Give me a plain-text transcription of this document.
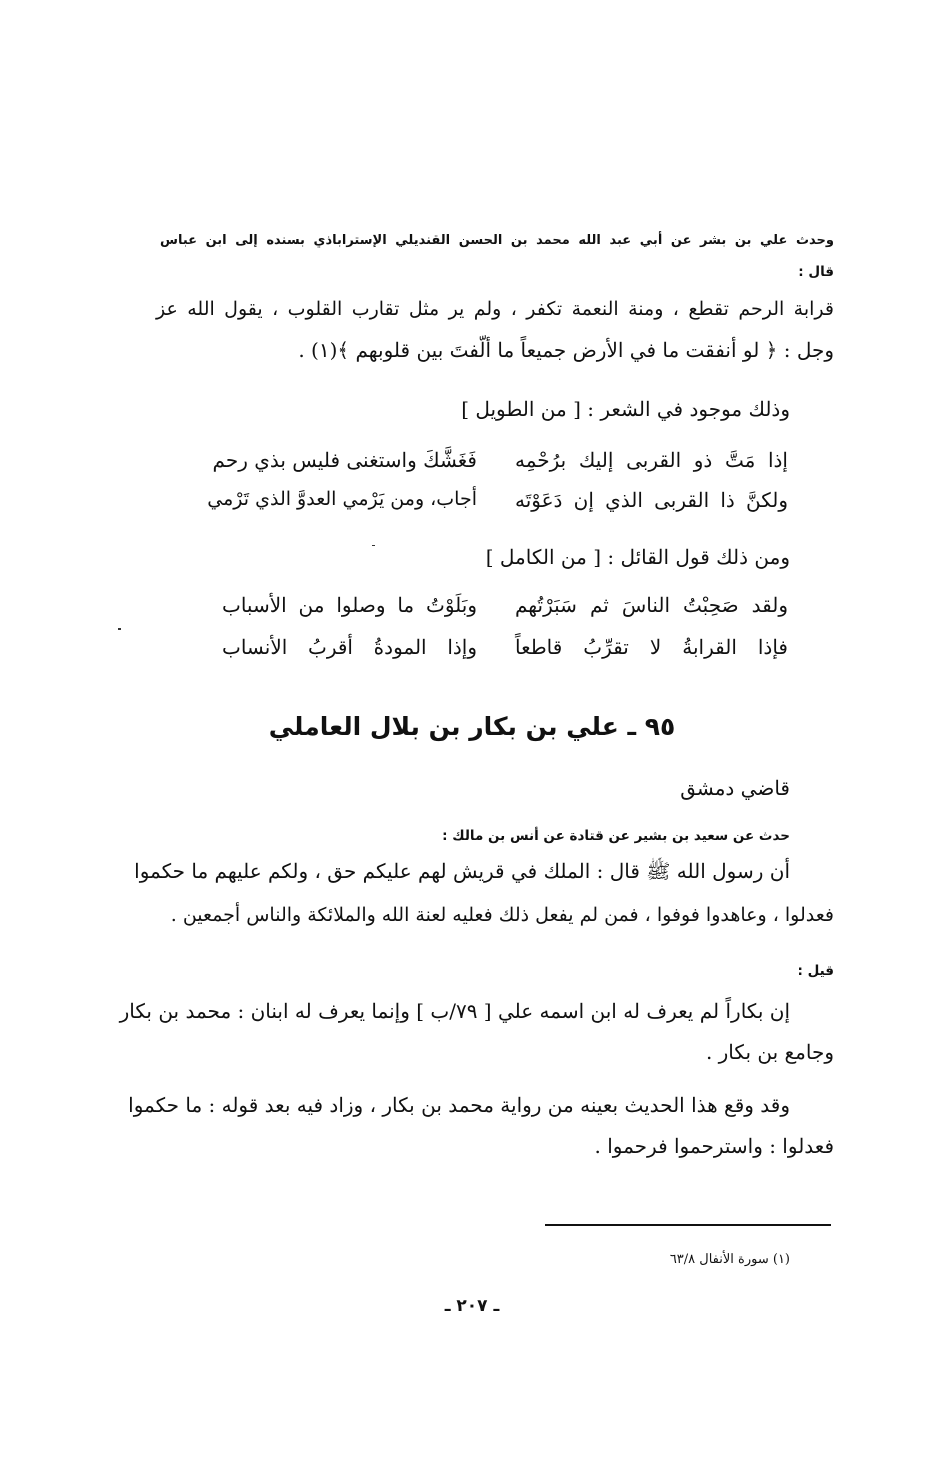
وحدث علي بن بشر عن أبي عبد الله محمد بن الحسن القنديلي الإستراباذي بسنده إلى ابن عباس
قال :
قرابة الرحم تقطع ، ومنة النعمة تكفر ، ولم ير مثل تقارب القلوب ، يقول الله عز
وجل : ﴿ لو أنفقت ما في الأرض جميعاً ما ألّفتَ بين قلوبهم ﴾(١) .
وذلك موجود في الشعر : [ من الطويل ]
إذا مَتَّ ذو القربى إليك برُحْمِه
فَغَشَّكَ واستغنى فليس بذي رحم
ولكنَّ ذا القربى الذي إن دَعَوْتَه
أجاب، ومن يَرْمي العدوَّ الذي تَرْمي
ومن ذلك قول القائل : [ من الكامل ]
ولقد صَحِبْتُ الناسَ ثم سَبَرْتُهم
وبَلَوْتُ ما وصلوا من الأسباب
فإذا القرابةُ لا تقرِّبُ قاطعاً
وإذا المودةُ أقربُ الأنساب
٩٥ ـ علي بن بكار بن بلال العاملي
قاضي دمشق
حدث عن سعيد بن بشير عن قتادة عن أنس بن مالك :
أن رسول الله ﷺ قال : الملك في قريش لهم عليكم حق ، ولكم عليهم ما حكموا
فعدلوا ، وعاهدوا فوفوا ، فمن لم يفعل ذلك فعليه لعنة الله والملائكة والناس أجمعين .
قيل :
إن بكاراً لم يعرف له ابن اسمه علي [ ٧٩/ب ] وإنما يعرف له ابنان : محمد بن بكار
وجامع بن بكار .
وقد وقع هذا الحديث بعينه من رواية محمد بن بكار ، وزاد فيه بعد قوله : ما حكموا
فعدلوا : واسترحموا فرحموا .
(١) سورة الأنفال ٦٣/٨
ـ ٢٠٧ ـ
